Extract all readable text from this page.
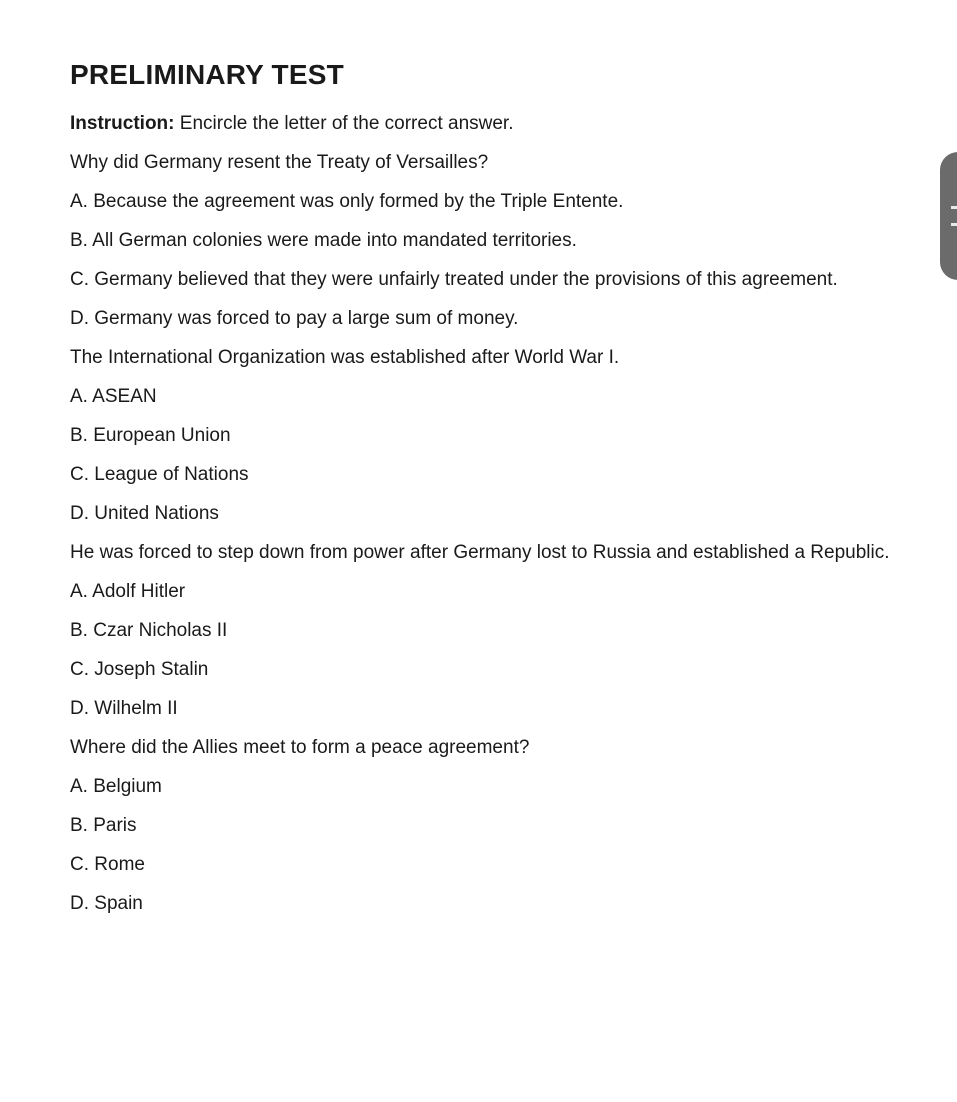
PRELIMINARY TEST

Instruction: Encircle the letter of the correct answer.

Why did Germany resent the Treaty of Versailles?

A. Because the agreement was only formed by the Triple Entente.

B. All German colonies were made into mandated territories.

C. Germany believed that they were unfairly treated under the provisions of this agreement.

D. Germany was forced to pay a large sum of money.

The International Organization was established after World War I.

A. ASEAN

B. European Union

C. League of Nations

D. United Nations

He was forced to step down from power after Germany lost to Russia and established a Republic.

A. Adolf Hitler

B. Czar Nicholas II

C. Joseph Stalin

D. Wilhelm II

Where did the Allies meet to form a peace agreement?

A. Belgium

B. Paris

C. Rome

D. Spain
